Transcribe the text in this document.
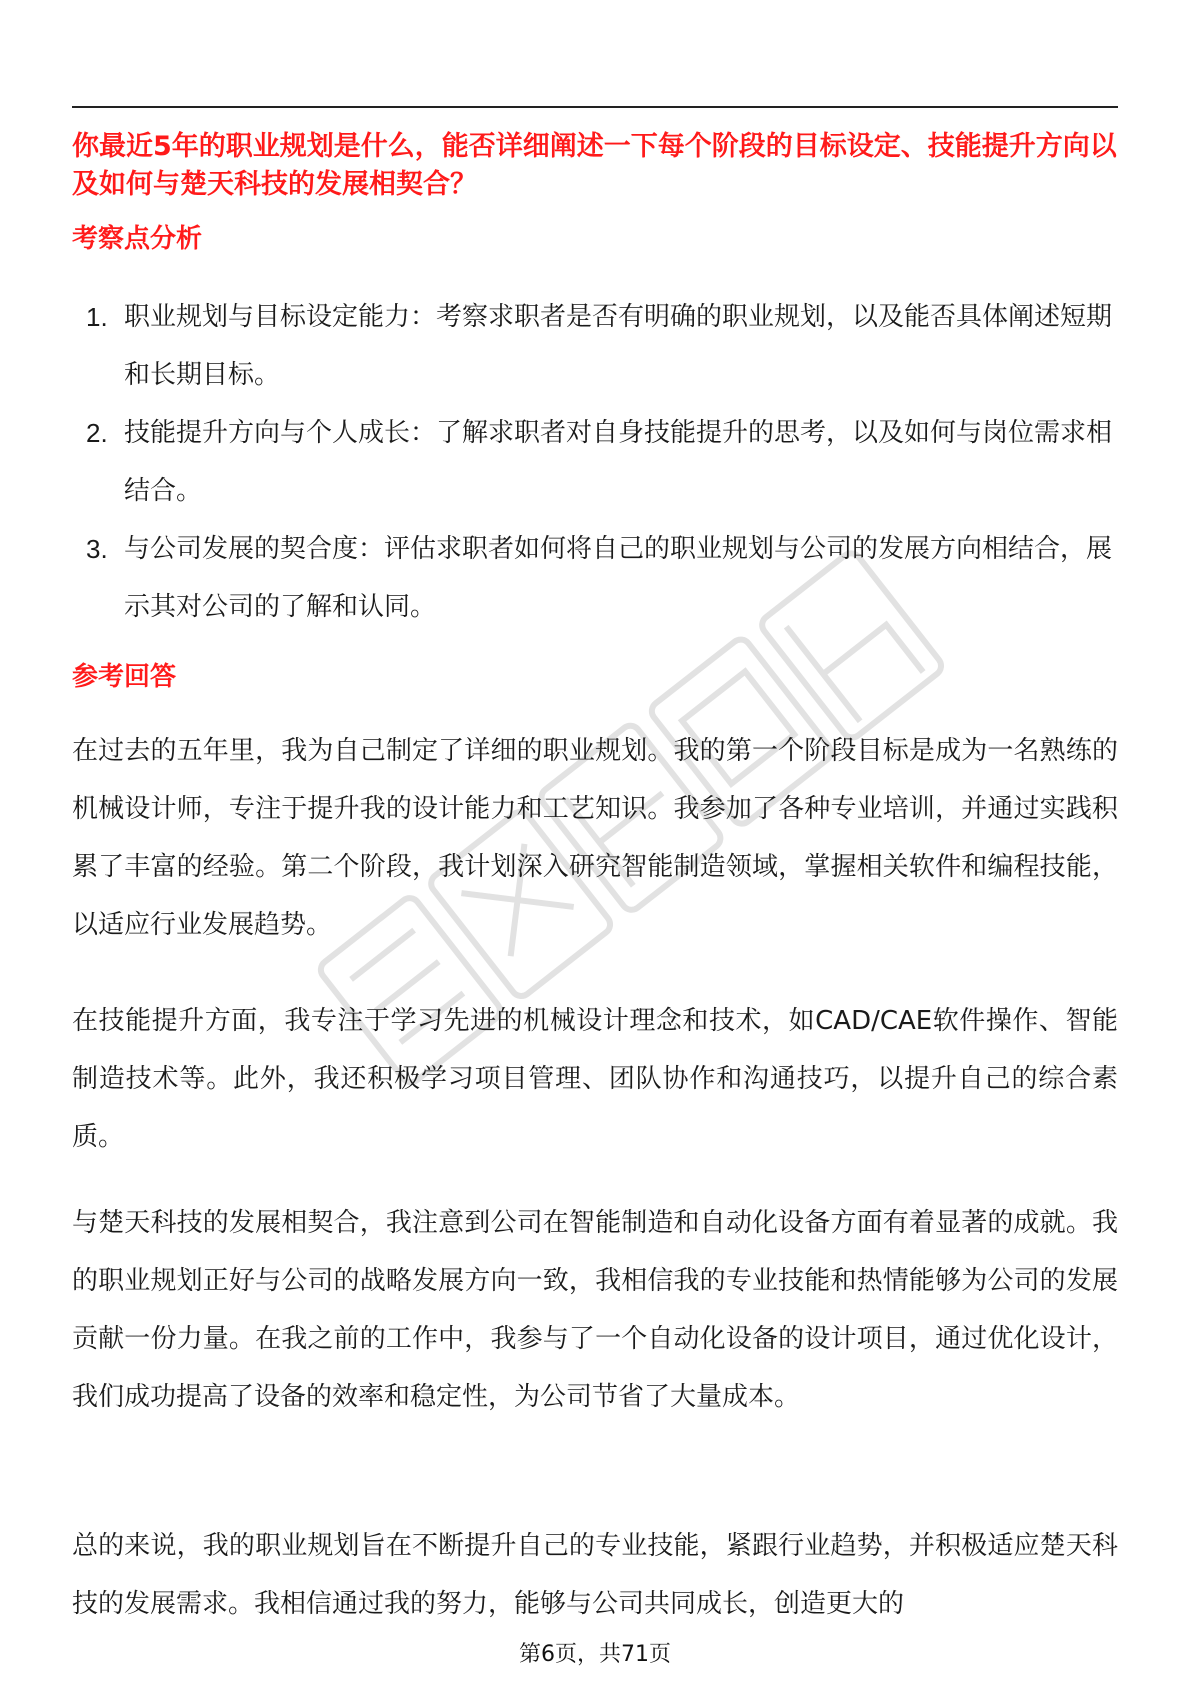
你最近5年的职业规划是什么，能否详细阐述一下每个阶段的目标设定、技能提升方向以及如何与楚天科技的发展相契合？

考察点分析
1. 职业规划与目标设定能力：考察求职者是否有明确的职业规划，以及能否具体阐述短期和长期目标。
2. 技能提升方向与个人成长：了解求职者对自身技能提升的思考，以及如何与岗位需求相结合。
3. 与公司发展的契合度：评估求职者如何将自己的职业规划与公司的发展方向相结合，展示其对公司的了解和认同。
参考回答

在过去的五年里，我为自己制定了详细的职业规划。我的第一个阶段目标是成为一名熟练的机械设计师，专注于提升我的设计能力和工艺知识。我参加了各种专业培训，并通过实践积累了丰富的经验。第二个阶段，我计划深入研究智能制造领域，掌握相关软件和编程技能，以适应行业发展趋势。

在技能提升方面，我专注于学习先进的机械设计理念和技术，如CAD/CAE软件操作、智能制造技术等。此外，我还积极学习项目管理、团队协作和沟通技巧，以提升自己的综合素质。

与楚天科技的发展相契合，我注意到公司在智能制造和自动化设备方面有着显著的成就。我的职业规划正好与公司的战略发展方向一致，我相信我的专业技能和热情能够为公司的发展贡献一份力量。在我之前的工作中，我参与了一个自动化设备的设计项目，通过优化设计，我们成功提高了设备的效率和稳定性，为公司节省了大量成本。

总的来说，我的职业规划旨在不断提升自己的专业技能，紧跟行业趋势，并积极适应楚天科技的发展需求。我相信通过我的努力，能够与公司共同成长，创造更大的

第6页，共71页
